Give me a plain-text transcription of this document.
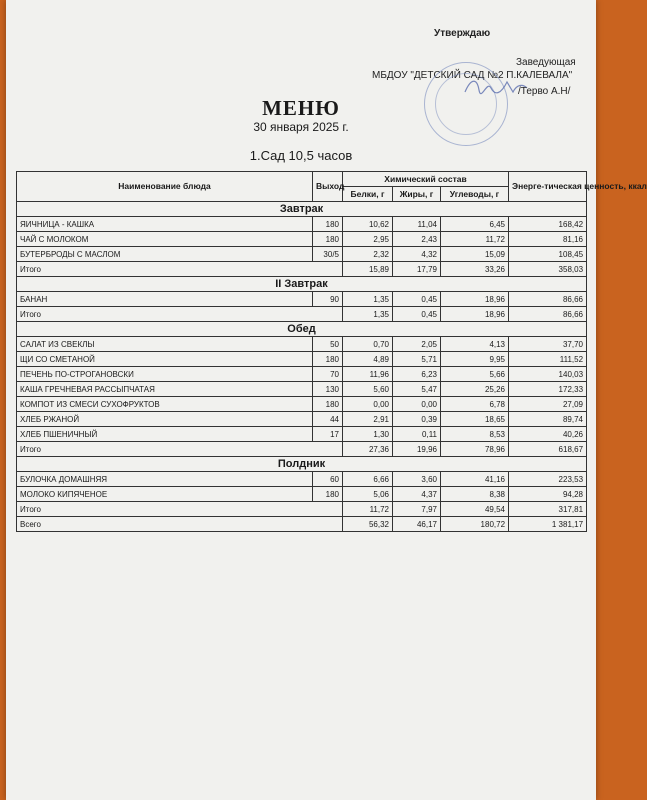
Утверждаю
Заведующая
МБДОУ "ДЕТСКИЙ САД №2 П.КАЛЕВАЛА"
/Терво А.Н/
МЕНЮ
30 января 2025 г.
1.Сад 10,5 часов
Наименование блюда	Выход	Химический состав			Энерге-тическая ценность, ккал
		Белки, г	Жиры, г	Углеводы, г	
Завтрак					
ЯИЧНИЦА - КАШКА	180	10,62	11,04	6,45	168,42
ЧАЙ С МОЛОКОМ	180	2,95	2,43	11,72	81,16
БУТЕРБРОДЫ С МАСЛОМ	30/5	2,32	4,32	15,09	108,45
Итого		15,89	17,79	33,26	358,03
II Завтрак					
БАНАН	90	1,35	0,45	18,96	86,66
Итого		1,35	0,45	18,96	86,66
Обед					
САЛАТ ИЗ СВЕКЛЫ	50	0,70	2,05	4,13	37,70
ЩИ СО СМЕТАНОЙ	180	4,89	5,71	9,95	111,52
ПЕЧЕНЬ ПО-СТРОГАНОВСКИ	70	11,96	6,23	5,66	140,03
КАША ГРЕЧНЕВАЯ РАССЫПЧАТАЯ	130	5,60	5,47	25,26	172,33
КОМПОТ ИЗ СМЕСИ СУХОФРУКТОВ	180	0,00	0,00	6,78	27,09
ХЛЕБ РЖАНОЙ	44	2,91	0,39	18,65	89,74
ХЛЕБ ПШЕНИЧНЫЙ	17	1,30	0,11	8,53	40,26
Итого		27,36	19,96	78,96	618,67
Полдник					
БУЛОЧКА ДОМАШНЯЯ	60	6,66	3,60	41,16	223,53
МОЛОКО КИПЯЧЕНОЕ	180	5,06	4,37	8,38	94,28
Итого		11,72	7,97	49,54	317,81
Всего		56,32	46,17	180,72	1 381,17
